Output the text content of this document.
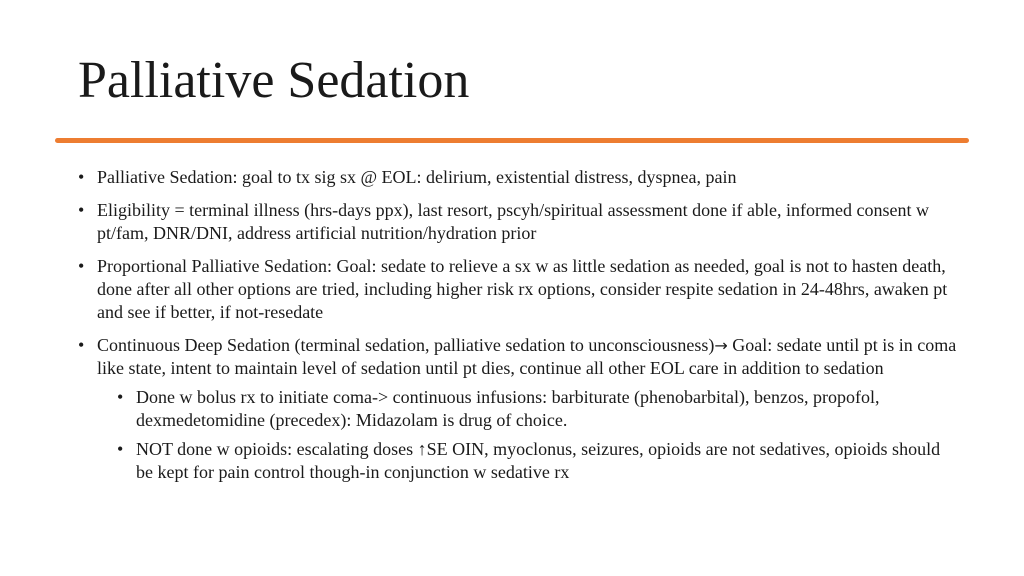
Palliative Sedation
• Palliative Sedation: goal to tx sig sx @ EOL: delirium, existential distress, dyspnea, pain
• Eligibility = terminal illness (hrs-days ppx), last resort, pscyh/spiritual assessment done if able, informed consent w pt/fam, DNR/DNI, address artificial nutrition/hydration prior
• Proportional Palliative Sedation: Goal: sedate to relieve a sx w as little sedation as needed, goal is not to hasten death, done after all other options are tried, including higher risk rx options, consider respite sedation in 24-48hrs, awaken pt and see if better, if not-resedate
• Continuous Deep Sedation (terminal sedation, palliative sedation to unconsciousness)→ Goal: sedate until pt is in coma like state, intent to maintain level of sedation until pt dies, continue all other EOL care in addition to sedation
• Done w bolus rx to initiate coma-> continuous infusions: barbiturate (phenobarbital), benzos, propofol, dexmedetomidine (precedex): Midazolam is drug of choice.
• NOT done w opioids: escalating doses ↑SE OIN, myoclonus, seizures, opioids are not sedatives, opioids should be kept for pain control though-in conjunction w sedative rx
